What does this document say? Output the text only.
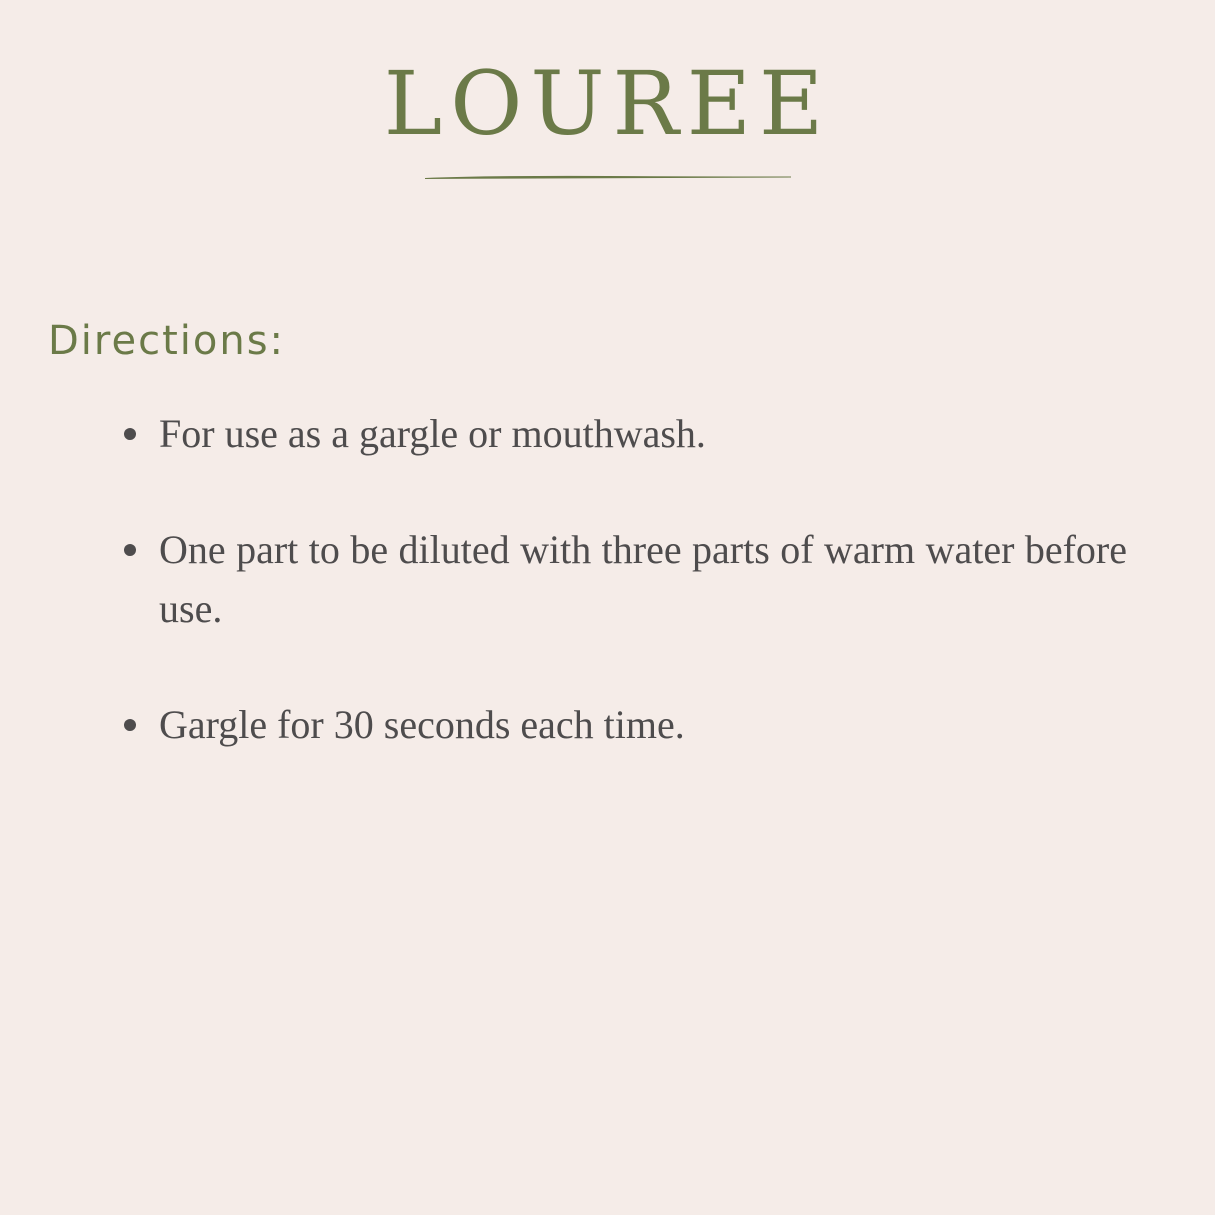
LOUREE
Directions:
For use as a gargle or mouthwash.
One part to be diluted with three parts of warm water before use.
Gargle for 30 seconds each time.
